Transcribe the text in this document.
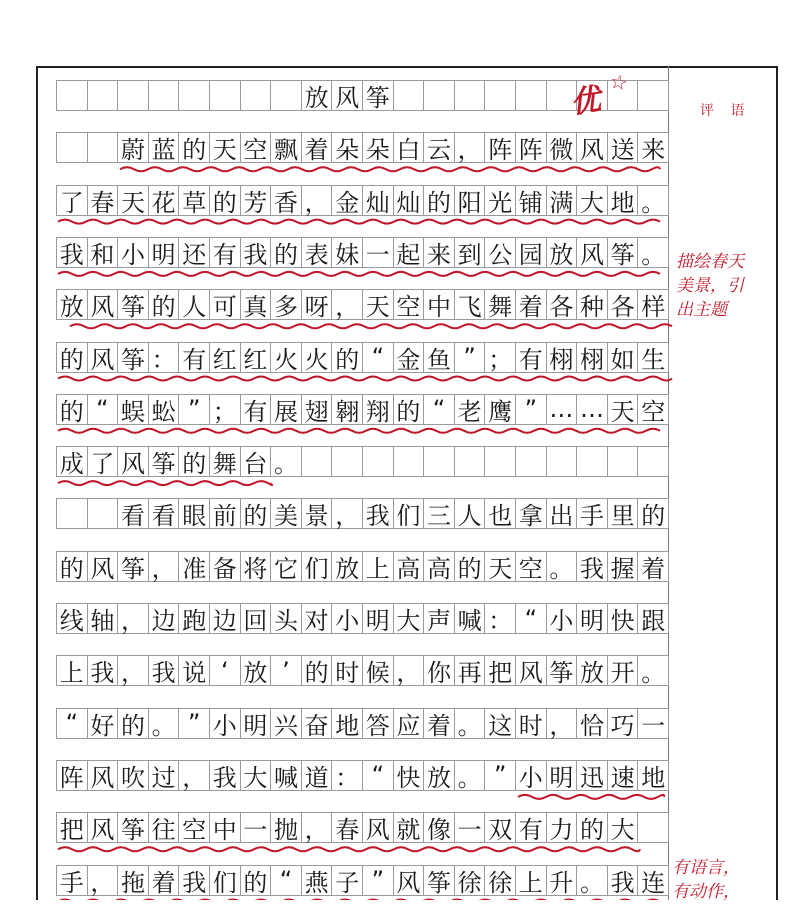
放 风 筝
蔚 蓝 的 天 空 飘 着 朵 朵 白 云 ， 阵 阵 微 风 送 来
了 春 天 花 草 的 芳 香 ， 金 灿 灿 的 阳 光 铺 满 大 地 。
我 和 小 明 还 有 我 的 表 妹 一 起 来 到 公 园 放 风 筝 。
放 风 筝 的 人 可 真 多 呀 ， 天 空 中 飞 舞 着 各 种 各 样
的 风 筝 ： 有 红 红 火 火 的 “ 金 鱼 ” ； 有 栩 栩 如 生
的 “ 蜈 蚣 ” ； 有 展 翅 翱 翔 的 “ 老 鹰 ” … … 天 空
成 了 风 筝 的 舞 台 。
看 看 眼 前 的 美 景 ， 我 们 三 人 也 拿 出 手 里 的
的 风 筝 ， 准 备 将 它 们 放 上 高 高 的 天 空 。 我 握 着
线 轴 ， 边 跑 边 回 头 对 小 明 大 声 喊 ： “ 小 明 快 跟
上 我 ， 我 说 ‘ 放 ’ 的 时 候 ， 你 再 把 风 筝 放 开 。
“ 好 的 。 ” 小 明 兴 奋 地 答 应 着 。 这 时 ， 恰 巧 一
阵 风 吹 过 ， 我 大 喊 道 ： “ 快 放 。 ” 小 明 迅 速 地
把 风 筝 往 空 中 一 抛 ， 春 风 就 像 一 双 有 力 的 大
手 ， 拖 着 我 们 的 “ 燕 子 ” 风 筝 徐 徐 上 升 。 我 连
优
☆
评 语
描绘春天
美景，引
出主题
有语言，
有动作，
